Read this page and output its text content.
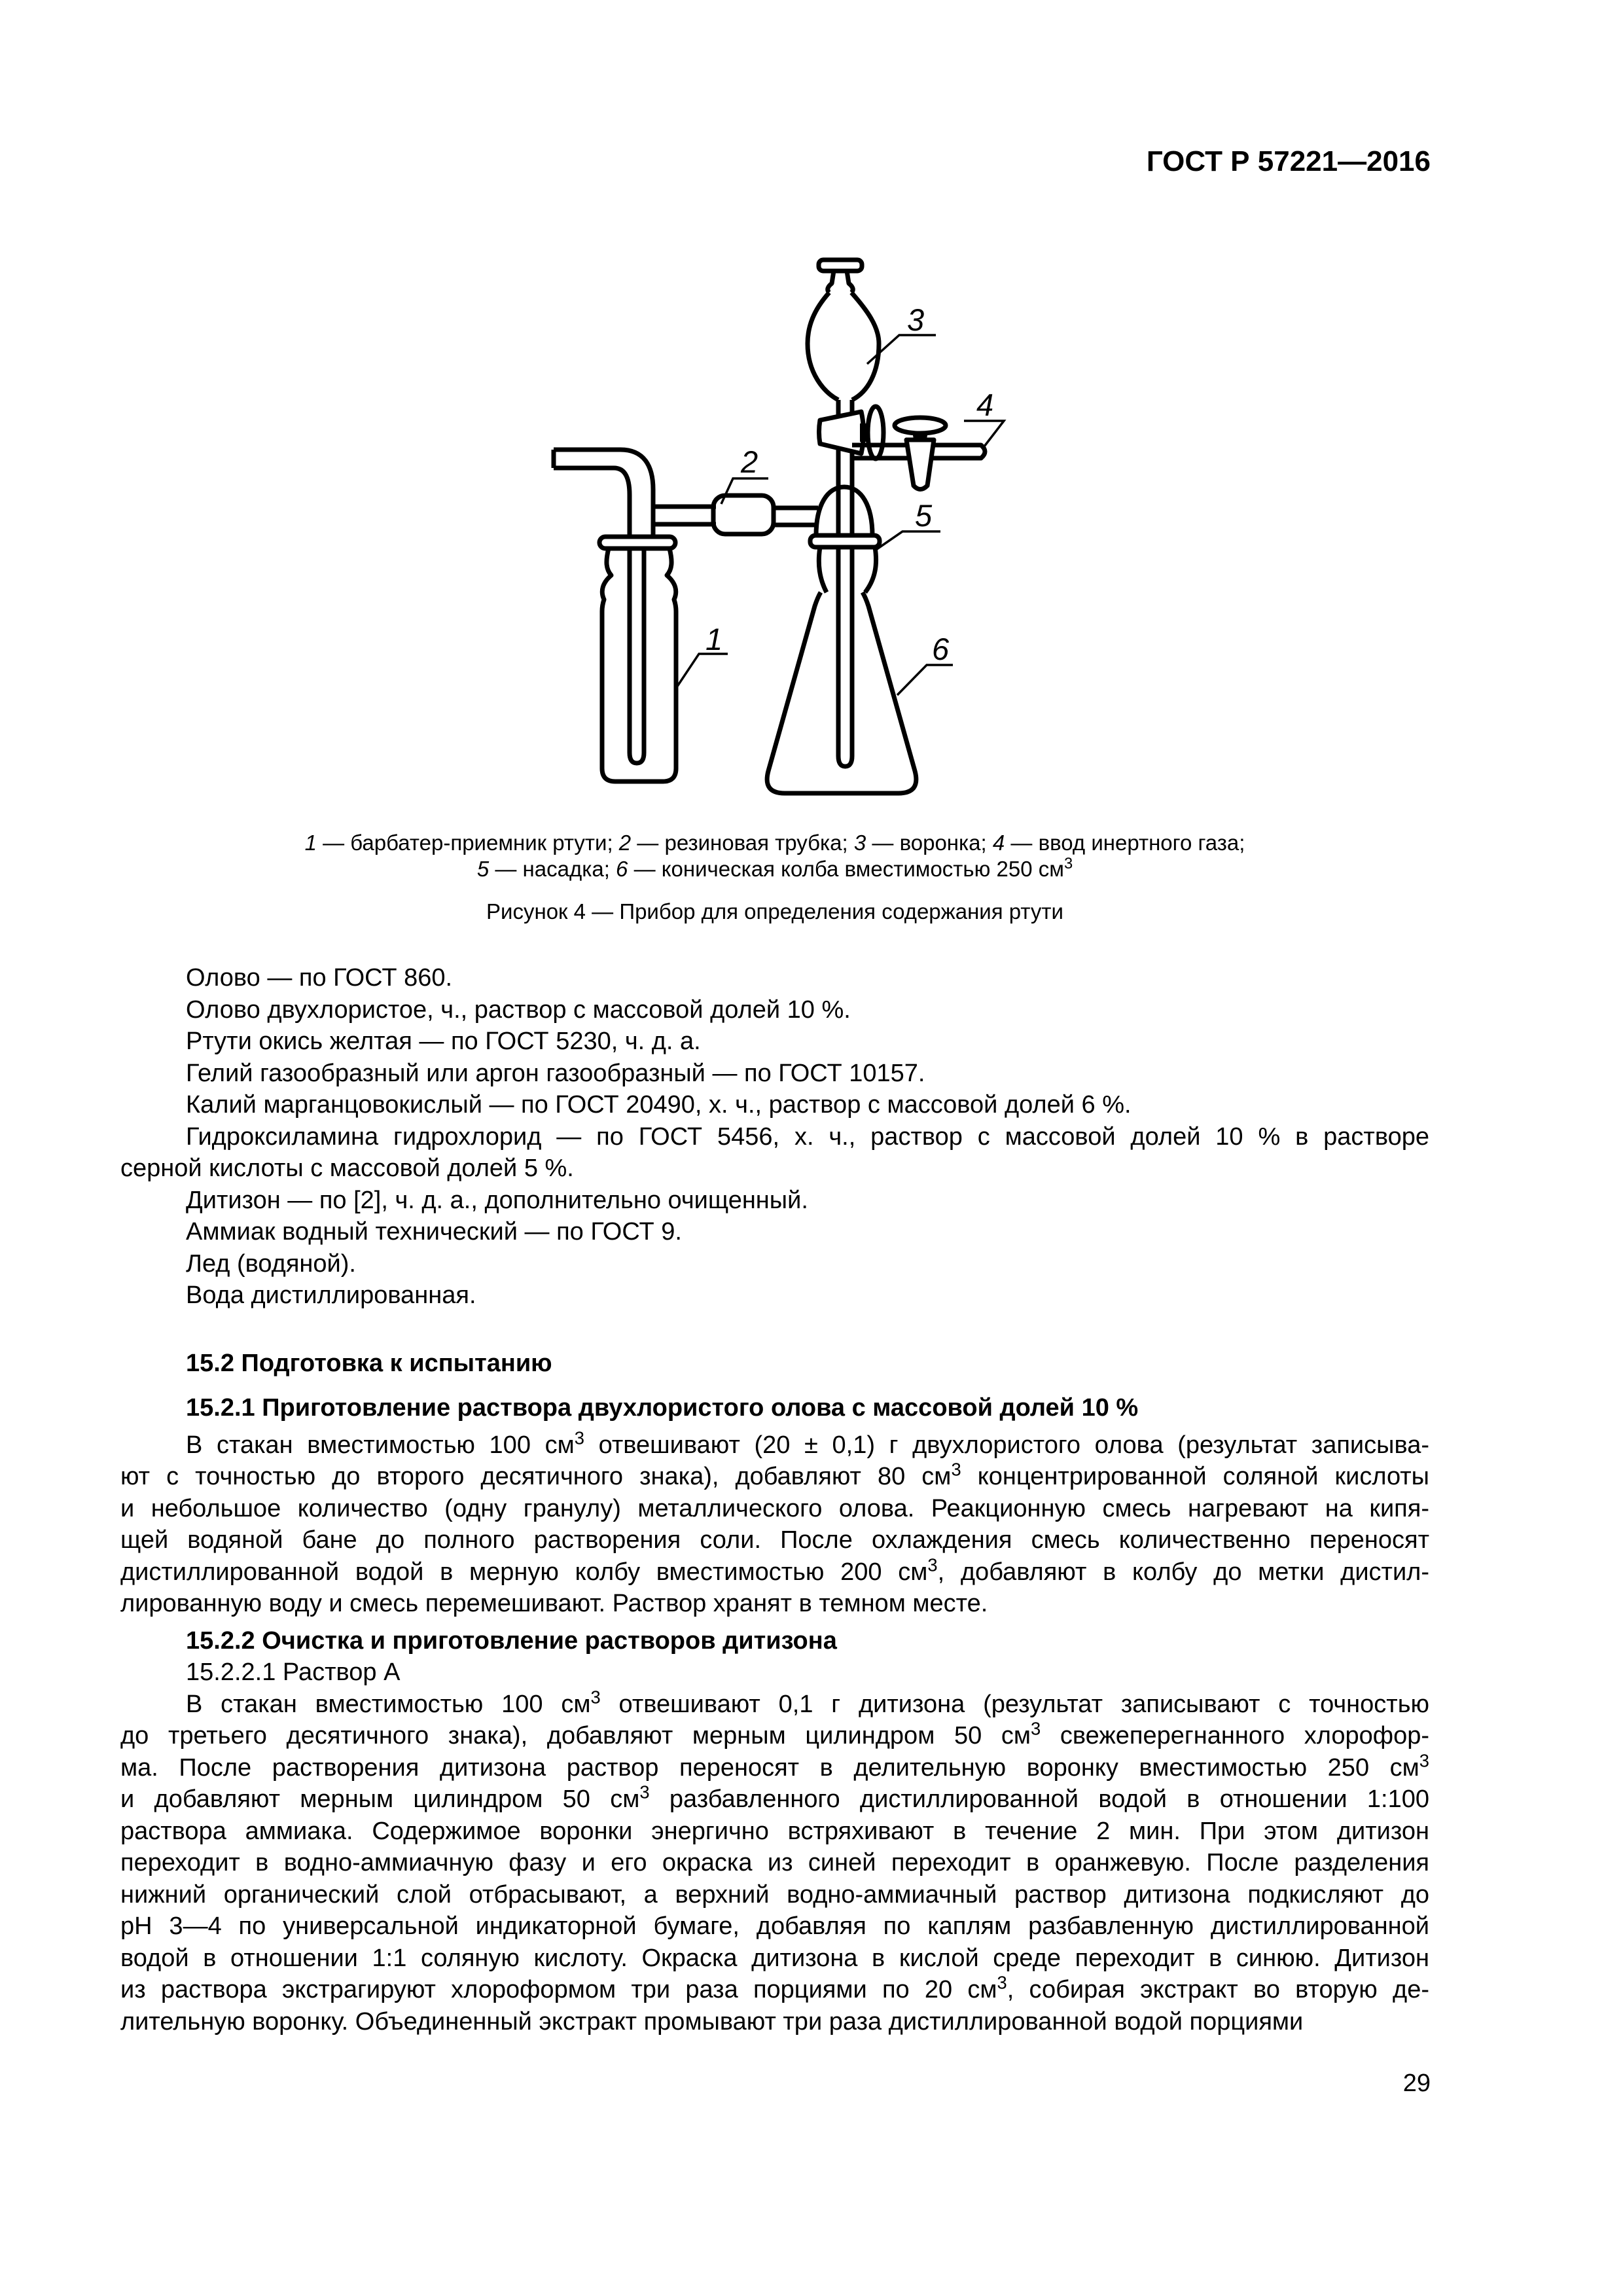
ГОСТ Р 57221—2016
1
2
3
4
5
6
1 — барбатер-приемник ртути; 2 — резиновая трубка; 3 — воронка; 4 — ввод инертного газа;
5 — насадка; 6 — коническая колба вместимостью 250 $см^3$
Рисунок 4 — Прибор для определения содержания ртути
Олово — по ГОСТ 860.
Олово двухлористое, ч., раствор с массовой долей 10 %.
Ртути окись желтая — по ГОСТ 5230, ч. д. а.
Гелий газообразный или аргон газообразный — по ГОСТ 10157.
Калий марганцовокислый — по ГОСТ 20490, х. ч., раствор с массовой долей 6 %.
Гидроксиламина гидрохлорид — по ГОСТ 5456, х. ч., раствор с массовой долей 10 % в растворе
серной кислоты с массовой долей 5 %.
Дитизон — по [2], ч. д. а., дополнительно очищенный.
Аммиак водный технический — по ГОСТ 9.
Лед (водяной).
Вода дистиллированная.
15.2 Подготовка к испытанию
15.2.1 Приготовление раствора двухлористого олова с массовой долей 10 %
В стакан вместимостью 100 $см^3$ отвешивают (20 ± 0,1) г двухлористого олова (результат записыва-
ют с точностью до второго десятичного знака), добавляют 80 $см^3$ концентрированной соляной кислоты
и небольшое количество (одну гранулу) металлического олова. Реакционную смесь нагревают на кипя-
щей водяной бане до полного растворения соли. После охлаждения смесь количественно переносят
дистиллированной водой в мерную колбу вместимостью 200 $см^3$, добавляют в колбу до метки дистил-
лированную воду и смесь перемешивают. Раствор хранят в темном месте.
15.2.2 Очистка и приготовление растворов дитизона
15.2.2.1 Раствор А
В стакан вместимостью 100 $см^3$ отвешивают 0,1 г дитизона (результат записывают с точностью
до третьего десятичного знака), добавляют мерным цилиндром 50 $см^3$ свежеперегнанного хлорофор-
ма. После растворения дитизона раствор переносят в делительную воронку вместимостью 250 $см^3$
и добавляют мерным цилиндром 50 $см^3$ разбавленного дистиллированной водой в отношении 1:100
раствора аммиака. Содержимое воронки энергично встряхивают в течение 2 мин. При этом дитизон
переходит в водно-аммиачную фазу и его окраска из синей переходит в оранжевую. После разделения
нижний органический слой отбрасывают, а верхний водно-аммиачный раствор дитизона подкисляют до
pH 3—4 по универсальной индикаторной бумаге, добавляя по каплям разбавленную дистиллированной
водой в отношении 1:1 соляную кислоту. Окраска дитизона в кислой среде переходит в синюю. Дитизон
из раствора экстрагируют хлороформом три раза порциями по 20 $см^3$, собирая экстракт во вторую де-
лительную воронку. Объединенный экстракт промывают три раза дистиллированной водой порциями
29
